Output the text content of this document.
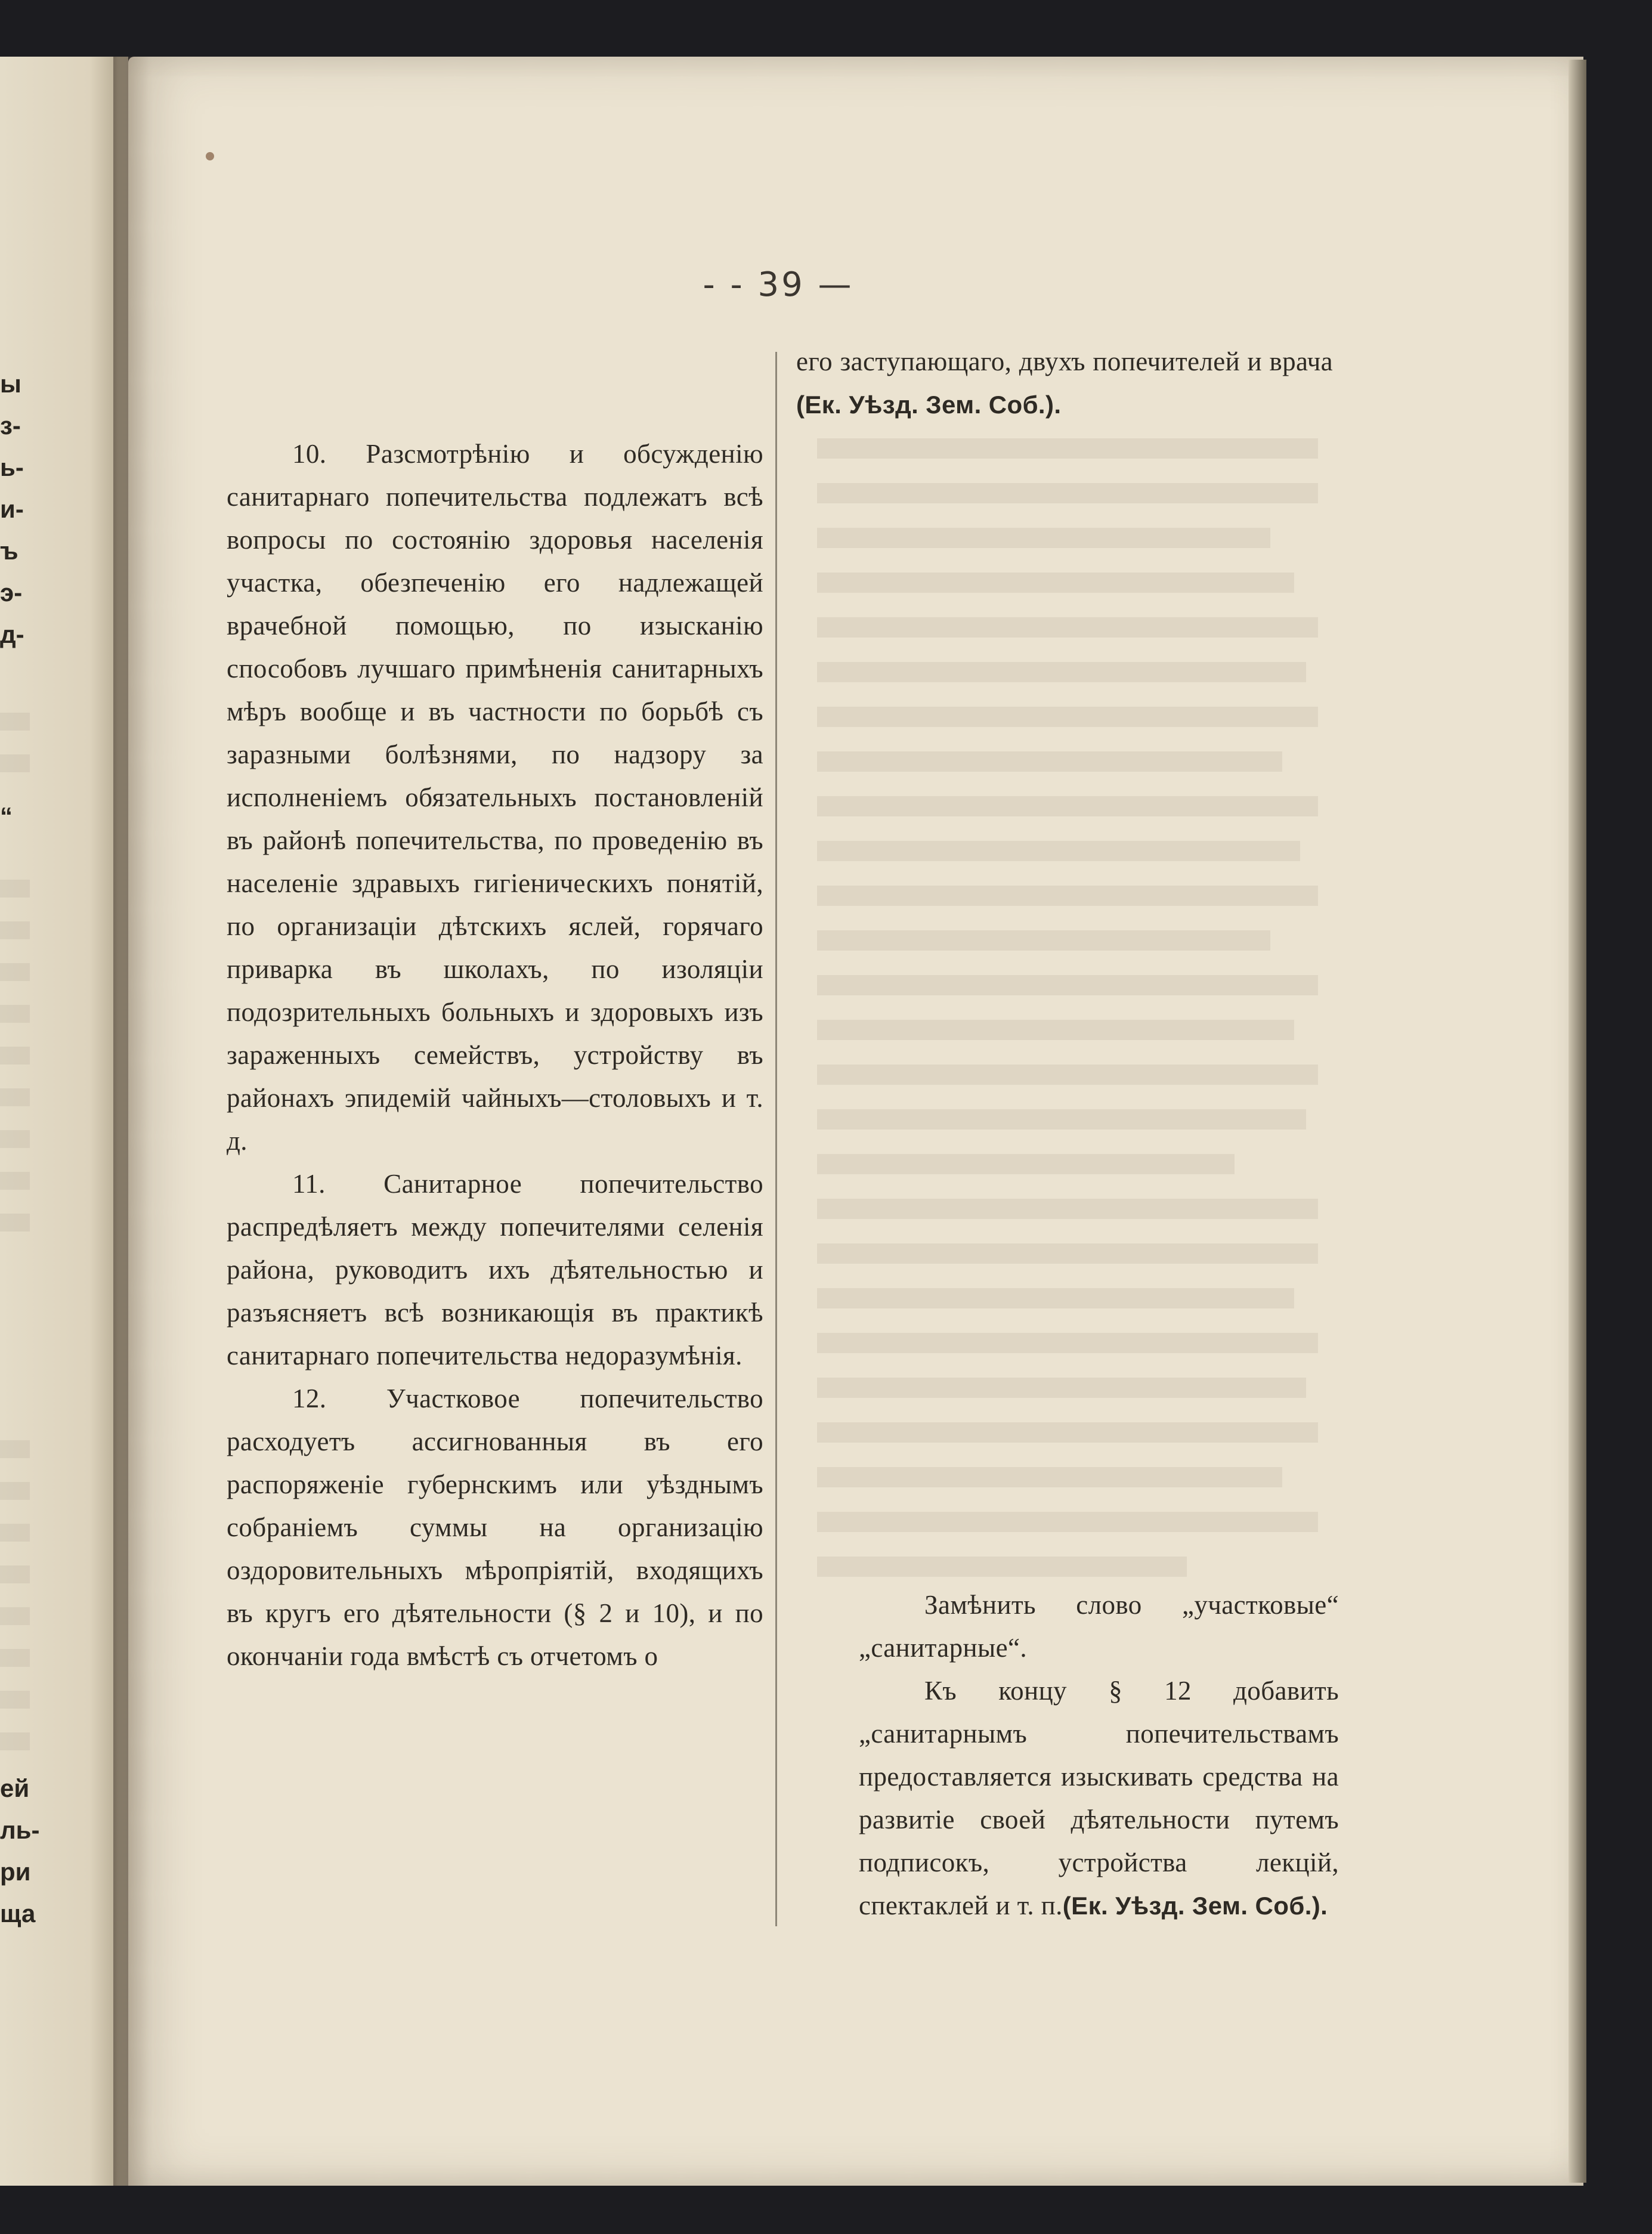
ы
з-
ь-
и-
ъ
э-
д-
“
ей
ль-
ри
ща
- - 39 —

10. Разсмотрѣнію и обсужденію санитарнаго попечительства подлежатъ всѣ вопросы по состоянію здоровья населенія участка, обезпеченію его надлежащей врачебной помощью, по изысканію способовъ лучшаго примѣненія санитарныхъ мѣръ вообще и въ частности по борьбѣ съ заразными болѣзнями, по надзору за исполненіемъ обязательныхъ постановленій въ районѣ попечительства, по проведенію въ населеніе здравыхъ гигіеническихъ понятій, по организаціи дѣтскихъ яслей, горячаго приварка въ школахъ, по изоляціи подозрительныхъ больныхъ и здоровыхъ изъ зараженныхъ семействъ, устройству въ районахъ эпидемій чайныхъ—столовыхъ и т. д.

11. Санитарное попечительство распредѣляетъ между попечителями селенія района, руководитъ ихъ дѣятельностью и разъясняетъ всѣ возникающія въ практикѣ санитарнаго попечительства недоразумѣнія.

12. Участковое попечительство расходуетъ ассигнованныя въ его распоряженіе губернскимъ или уѣзднымъ собраніемъ суммы на организацію оздоровительныхъ мѣропріятій, входящихъ въ кругъ его дѣятельности (§ 2 и 10), и по окончаніи года вмѣстѣ съ отчетомъ о

его заступающаго, двухъ попечителей и врача (Ек. Уѣзд. Зем. Соб.).

Замѣнить слово „участковые“ „санитарные“.

Къ концу § 12 добавить „санитарнымъ попечительствамъ предоставляется изыскивать средства на развитіе своей дѣятельности путемъ подписокъ, устройства лекцій, спектаклей и т. п.(Ек. Уѣзд. Зем. Соб.).
